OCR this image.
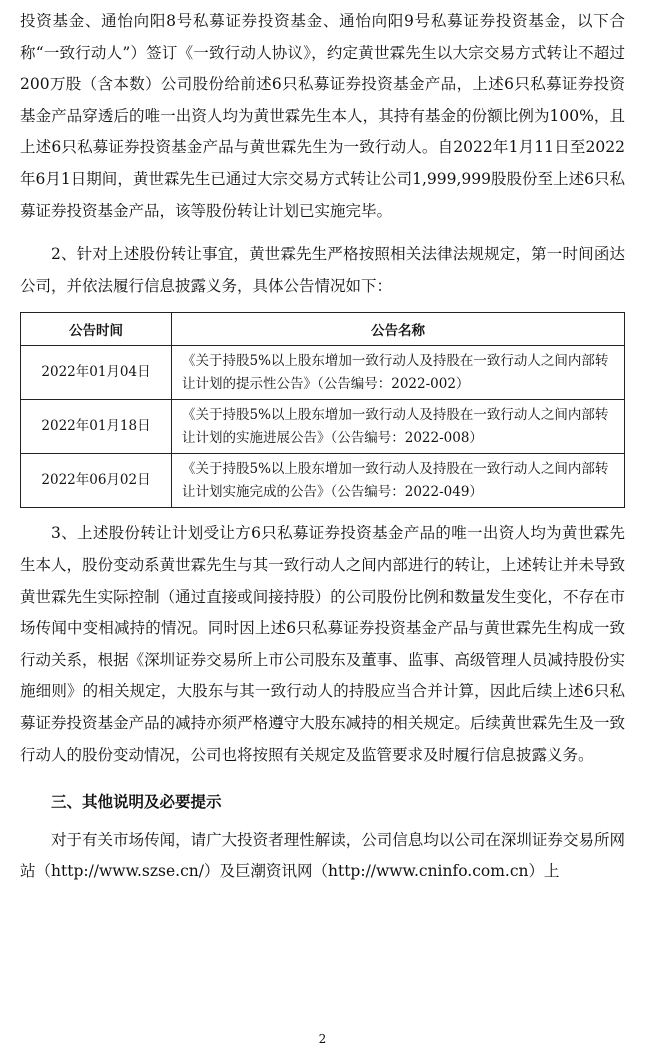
投资基金、通怡向阳8号私募证券投资基金、通怡向阳9号私募证券投资基金，以下合称“一致行动人”）签订《一致行动人协议》，约定黄世霖先生以大宗交易方式转让不超过200万股（含本数）公司股份给前述6只私募证券投资基金产品，上述6只私募证券投资基金产品穿透后的唯一出资人均为黄世霖先生本人，其持有基金的份额比例为100%，且上述6只私募证券投资基金产品与黄世霖先生为一致行动人。自2022年1月11日至2022年6月1日期间，黄世霖先生已通过大宗交易方式转让公司1,999,999股股份至上述6只私募证券投资基金产品，该等股份转让计划已实施完毕。

2、针对上述股份转让事宜，黄世霖先生严格按照相关法律法规规定，第一时间函达公司，并依法履行信息披露义务，具体公告情况如下：

公告时间	公告名称
2022年01月04日	《关于持股5%以上股东增加一致行动人及持股在一致行动人之间内部转让计划的提示性公告》（公告编号：2022-002）
2022年01月18日	《关于持股5%以上股东增加一致行动人及持股在一致行动人之间内部转让计划的实施进展公告》（公告编号：2022-008）
2022年06月02日	《关于持股5%以上股东增加一致行动人及持股在一致行动人之间内部转让计划实施完成的公告》（公告编号：2022-049）

3、上述股份转让计划受让方6只私募证券投资基金产品的唯一出资人均为黄世霖先生本人，股份变动系黄世霖先生与其一致行动人之间内部进行的转让，上述转让并未导致黄世霖先生实际控制（通过直接或间接持股）的公司股份比例和数量发生变化，不存在市场传闻中变相减持的情况。同时因上述6只私募证券投资基金产品与黄世霖先生构成一致行动关系，根据《深圳证券交易所上市公司股东及董事、监事、高级管理人员减持股份实施细则》的相关规定，大股东与其一致行动人的持股应当合并计算，因此后续上述6只私募证券投资基金产品的减持亦须严格遵守大股东减持的相关规定。后续黄世霖先生及一致行动人的股份变动情况，公司也将按照有关规定及监管要求及时履行信息披露义务。

三、其他说明及必要提示

对于有关市场传闻，请广大投资者理性解读，公司信息均以公司在深圳证券交易所网站（http://www.szse.cn/）及巨潮资讯网（http://www.cninfo.com.cn）上

2
